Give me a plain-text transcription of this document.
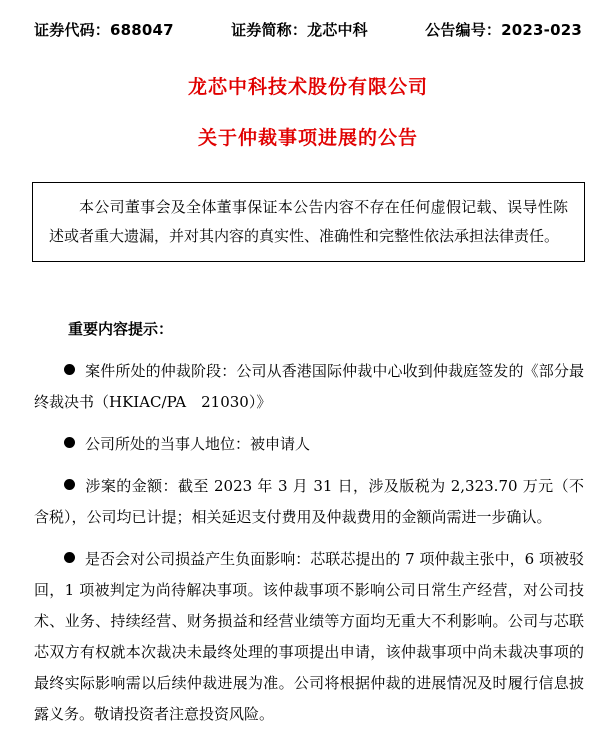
证券代码：688047	证券简称：龙芯中科	公告编号：2023-023
龙芯中科技术股份有限公司
关于仲裁事项进展的公告

本公司董事会及全体董事保证本公告内容不存在任何虚假记载、误导性陈述或者重大遗漏，并对其内容的真实性、准确性和完整性依法承担法律责任。

重要内容提示：

案件所处的仲裁阶段：公司从香港国际仲裁中心收到仲裁庭签发的《部分最终裁决书（HKIAC/PA　21030）》

公司所处的当事人地位：被申请人

涉案的金额：截至 2023 年 3 月 31 日，涉及版税为 2,323.70 万元（不含税），公司均已计提；相关延迟支付费用及仲裁费用的金额尚需进一步确认。

是否会对公司损益产生负面影响：芯联芯提出的 7 项仲裁主张中，6 项被驳回，1 项被判定为尚待解决事项。该仲裁事项不影响公司日常生产经营，对公司技术、业务、持续经营、财务损益和经营业绩等方面均无重大不利影响。公司与芯联芯双方有权就本次裁决未最终处理的事项提出申请，该仲裁事项中尚未裁决事项的最终实际影响需以后续仲裁进展为准。公司将根据仲裁的进展情况及时履行信息披露义务。敬请投资者注意投资风险。
